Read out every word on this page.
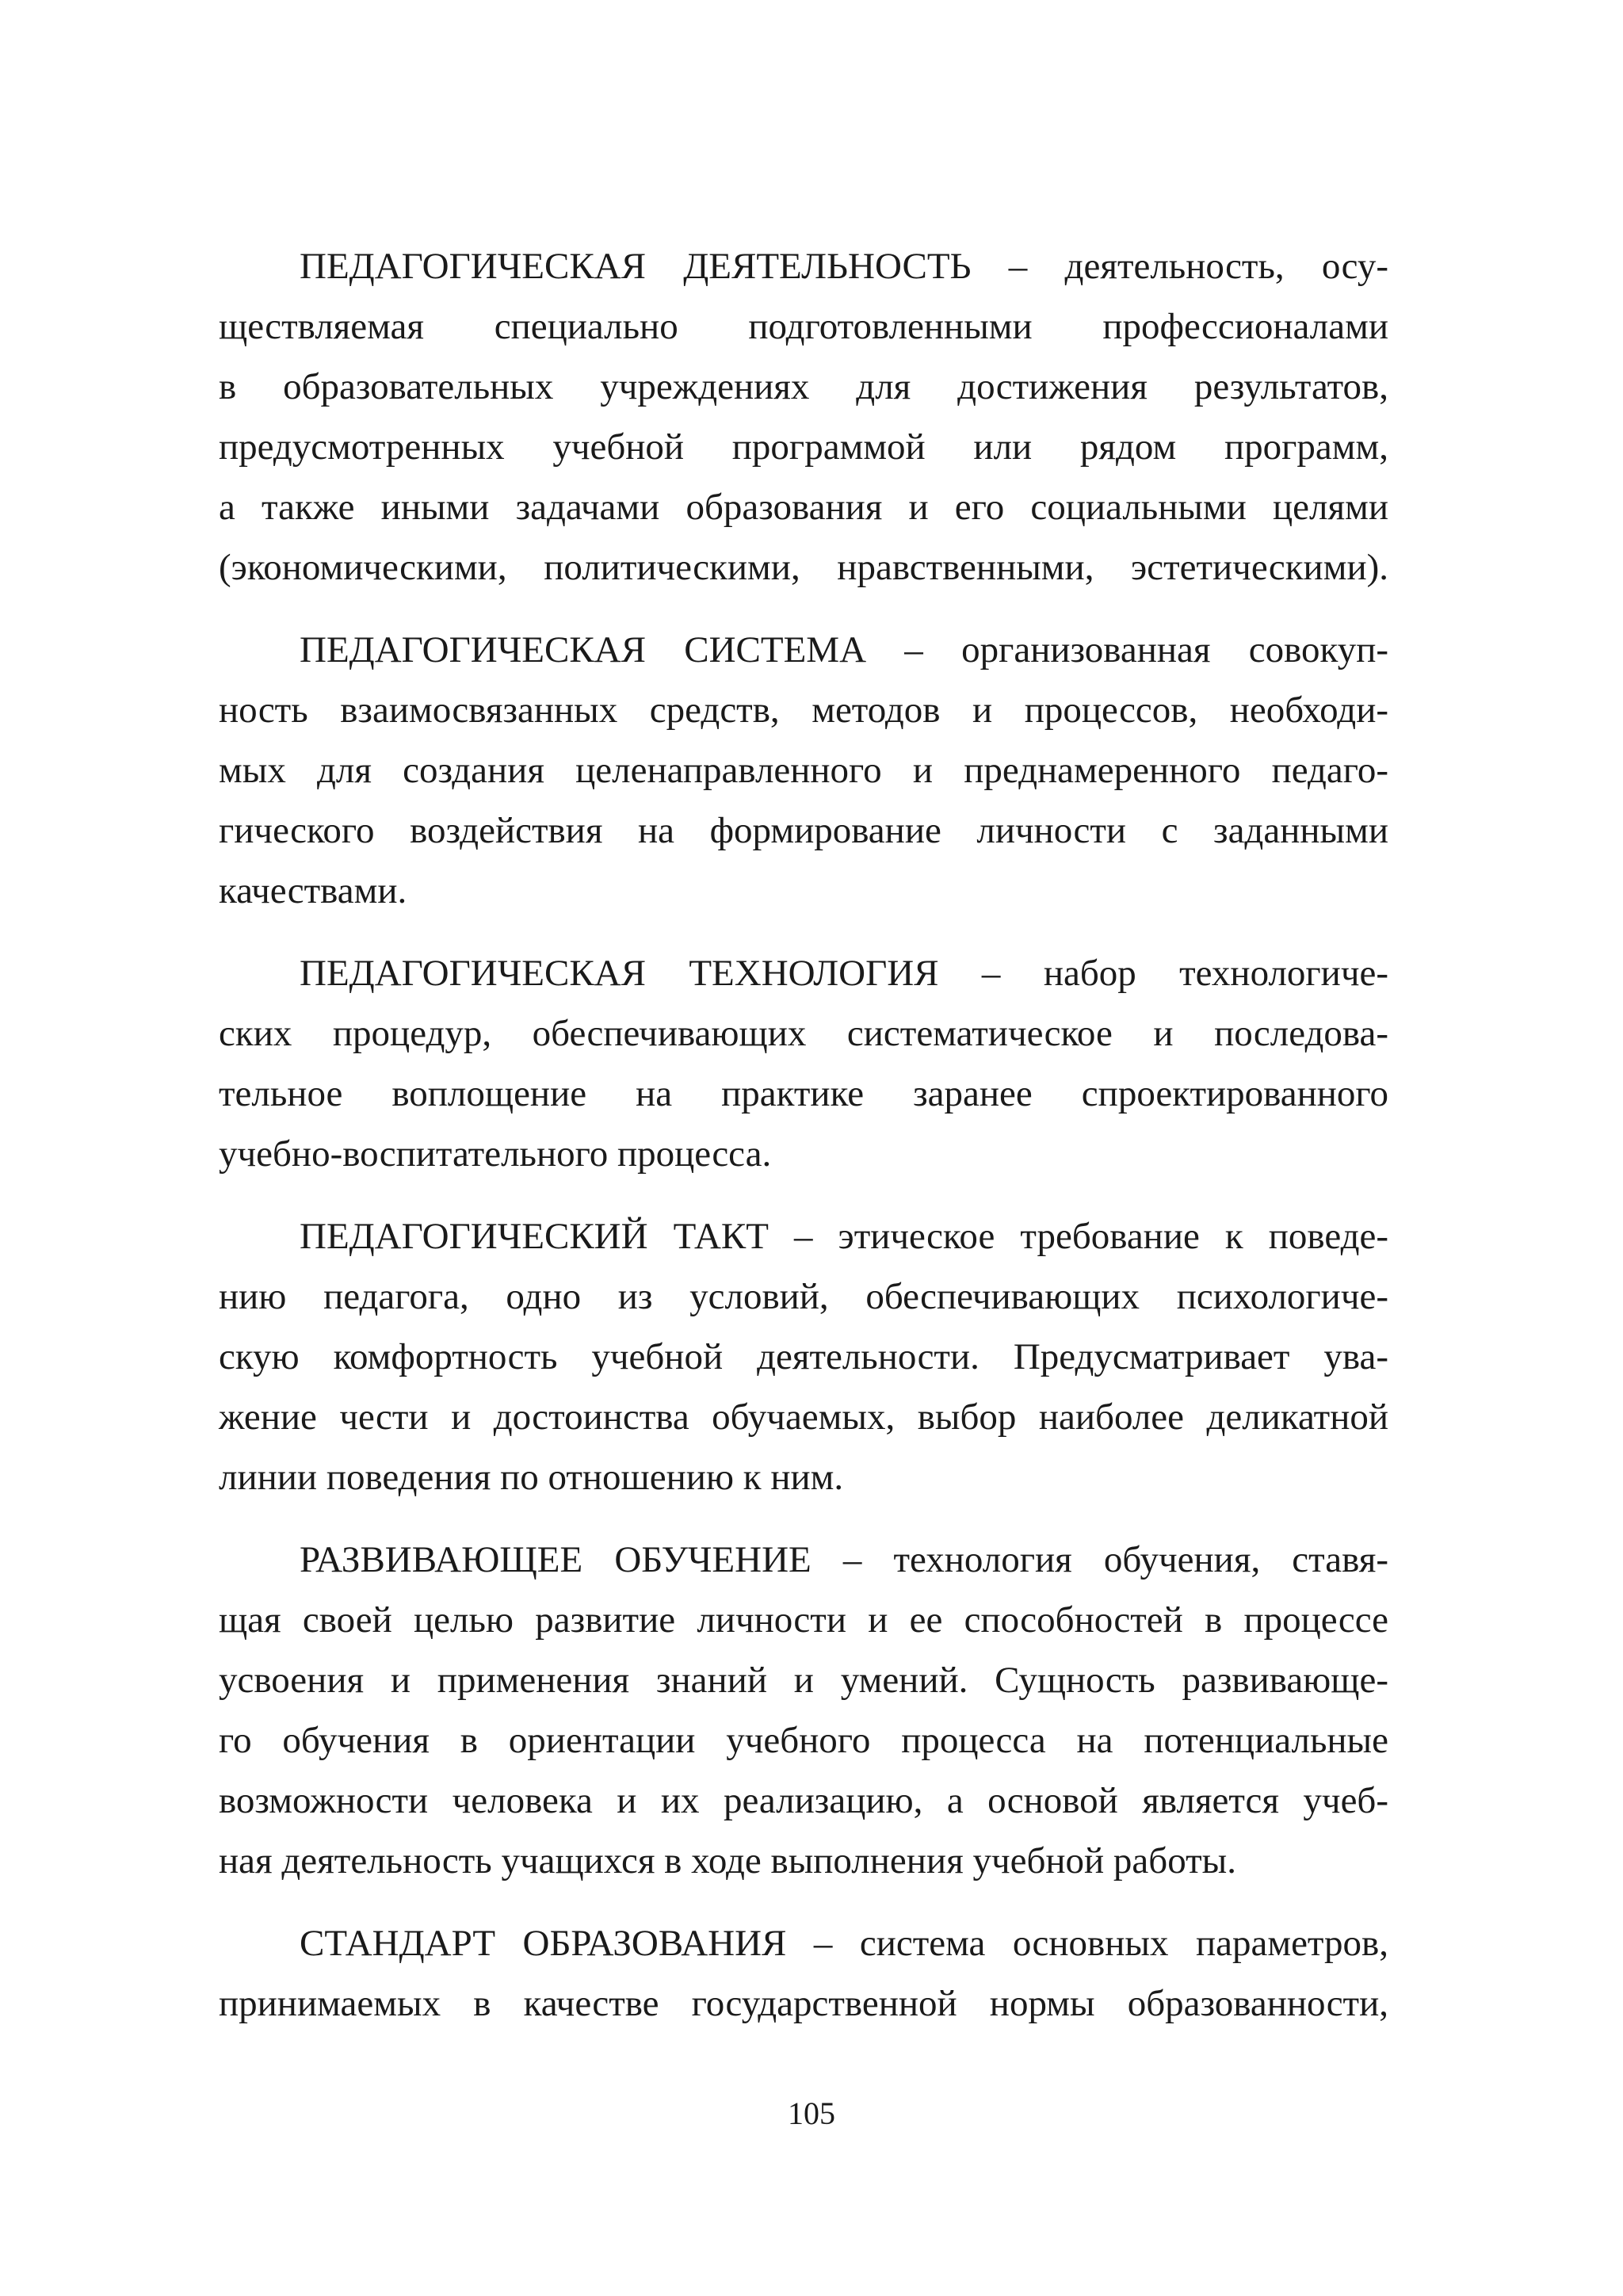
ПЕДАГОГИЧЕСКАЯ ДЕЯТЕЛЬНОСТЬ – деятельность, осу-
ществляемая специально подготовленными профессионалами
в образовательных учреждениях для достижения результатов,
предусмотренных учебной программой или рядом программ,
а также иными задачами образования и его социальными целями
(экономическими, политическими, нравственными, эстетическими).
ПЕДАГОГИЧЕСКАЯ СИСТЕМА – организованная совокуп-
ность взаимосвязанных средств, методов и процессов, необходи-
мых для создания целенаправленного и преднамеренного педаго-
гического воздействия на формирование личности с заданными
качествами.
ПЕДАГОГИЧЕСКАЯ ТЕХНОЛОГИЯ – набор технологиче-
ских процедур, обеспечивающих систематическое и последова-
тельное воплощение на практике заранее спроектированного
учебно-воспитательного процесса.
ПЕДАГОГИЧЕСКИЙ ТАКТ – этическое требование к поведе-
нию педагога, одно из условий, обеспечивающих психологиче-
скую комфортность учебной деятельности. Предусматривает ува-
жение чести и достоинства обучаемых, выбор наиболее деликатной
линии поведения по отношению к ним.
РАЗВИВАЮЩЕЕ ОБУЧЕНИЕ – технология обучения, ставя-
щая своей целью развитие личности и ее способностей в процессе
усвоения и применения знаний и умений. Сущность развивающе-
го обучения в ориентации учебного процесса на потенциальные
возможности человека и их реализацию, а основой является учеб-
ная деятельность учащихся в ходе выполнения учебной работы.
СТАНДАРТ ОБРАЗОВАНИЯ – система основных параметров,
принимаемых в качестве государственной нормы образованности,
105
